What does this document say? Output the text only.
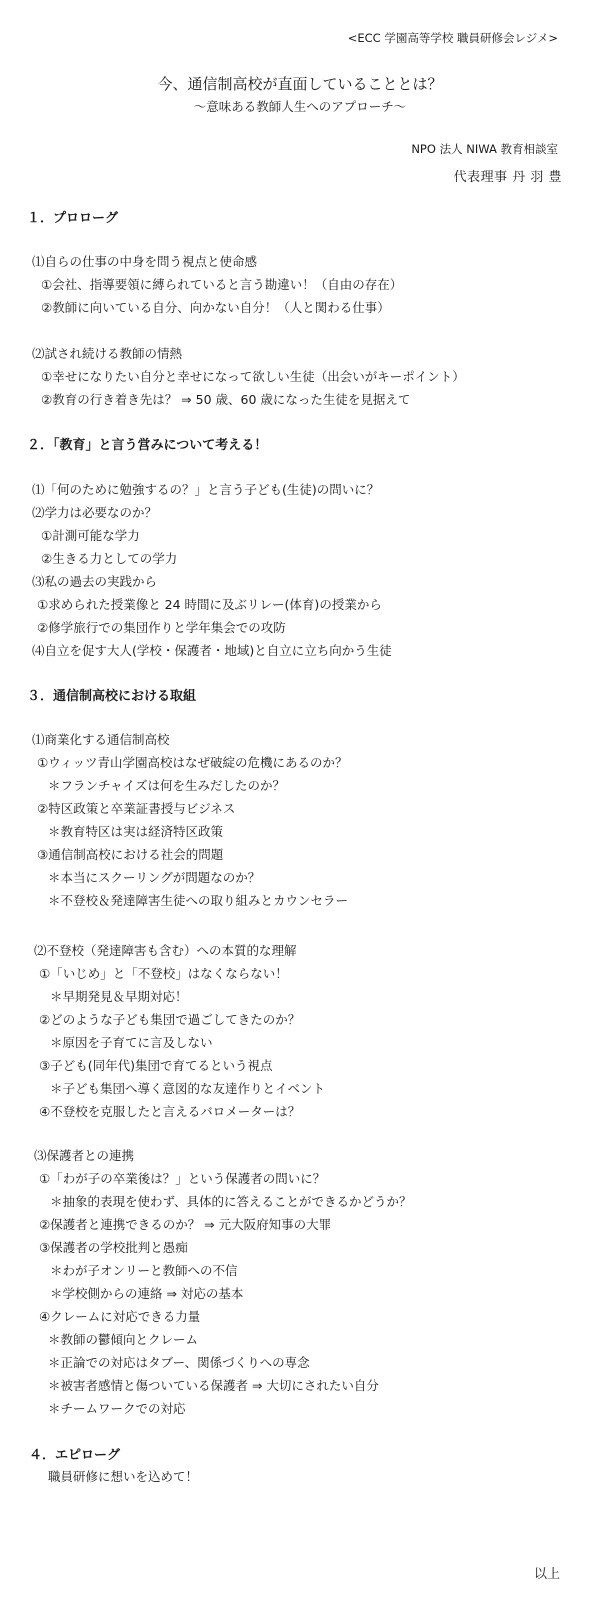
<ECC 学園高等学校 職員研修会レジメ>
今、通信制高校が直面していることとは？
～意味ある教師人生へのアプローチ～
NPO 法人 NIWA 教育相談室
代表理事 丹 羽 豊
１．プロローグ
⑴自らの仕事の中身を問う視点と使命感
①会社、指導要領に縛られていると言う勘違い！（自由の存在）
②教師に向いている自分、向かない自分！（人と関わる仕事）
⑵試され続ける教師の情熱
①幸せになりたい自分と幸せになって欲しい生徒（出会いがキーポイント）
②教育の行き着き先は？ ⇒ 50 歳、60 歳になった生徒を見据えて
２．「教育」と言う営みについて考える！
⑴「何のために勉強するの？」と言う子ども(生徒)の問いに？
⑵学力は必要なのか？
①計測可能な学力
②生きる力としての学力
⑶私の過去の実践から
①求められた授業像と 24 時間に及ぶリレー(体育)の授業から
②修学旅行での集団作りと学年集会での攻防
⑷自立を促す大人(学校・保護者・地域)と自立に立ち向かう生徒
３．通信制高校における取組
⑴商業化する通信制高校
①ウィッツ青山学園高校はなぜ破綻の危機にあるのか？
＊フランチャイズは何を生みだしたのか？
②特区政策と卒業証書授与ビジネス
＊教育特区は実は経済特区政策
③通信制高校における社会的問題
＊本当にスクーリングが問題なのか？
＊不登校＆発達障害生徒への取り組みとカウンセラー
⑵不登校（発達障害も含む）への本質的な理解
①「いじめ」と「不登校」はなくならない！
＊早期発見＆早期対応！
②どのような子ども集団で過ごしてきたのか？
＊原因を子育てに言及しない
③子ども(同年代)集団で育てるという視点
＊子ども集団へ導く意図的な友達作りとイベント
④不登校を克服したと言えるバロメーターは？
⑶保護者との連携
①「わが子の卒業後は？」という保護者の問いに？
＊抽象的表現を使わず、具体的に答えることができるかどうか？
②保護者と連携できるのか？ ⇒ 元大阪府知事の大罪
③保護者の学校批判と愚痴
＊わが子オンリーと教師への不信
＊学校側からの連絡 ⇒ 対応の基本
④クレームに対応できる力量
＊教師の鬱傾向とクレーム
＊正論での対応はタブー、関係づくりへの専念
＊被害者感情と傷ついている保護者 ⇒ 大切にされたい自分
＊チームワークでの対応
４．エピローグ
職員研修に想いを込めて！
以上
